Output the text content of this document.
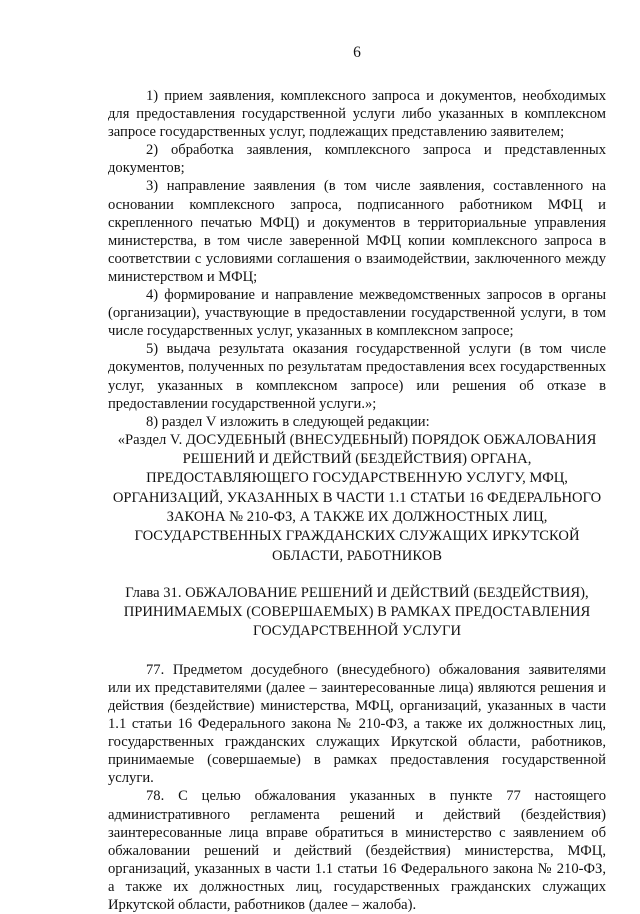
6

1) прием заявления, комплексного запроса и документов, необходимых для предоставления государственной услуги либо указанных в комплексном запросе государственных услуг, подлежащих представлению заявителем;

2) обработка заявления, комплексного запроса и представленных документов;

3) направление заявления (в том числе заявления, составленного на основании комплексного запроса, подписанного работником МФЦ и скрепленного печатью МФЦ) и документов в территориальные управления министерства, в том числе заверенной МФЦ копии комплексного запроса в соответствии с условиями соглашения о взаимодействии, заключенного между министерством и МФЦ;

4) формирование и направление межведомственных запросов в органы (организации), участвующие в предоставлении государственной услуги, в том числе государственных услуг, указанных в комплексном запросе;

5) выдача результата оказания государственной услуги (в том числе документов, полученных по результатам предоставления всех государственных услуг, указанных в комплексном запросе) или решения об отказе в предоставлении государственной услуги.»;

8) раздел V изложить в следующей редакции:

«Раздел V. ДОСУДЕБНЫЙ (ВНЕСУДЕБНЫЙ) ПОРЯДОК ОБЖАЛОВАНИЯ РЕШЕНИЙ И ДЕЙСТВИЙ (БЕЗДЕЙСТВИЯ) ОРГАНА, ПРЕДОСТАВЛЯЮЩЕГО ГОСУДАРСТВЕННУЮ УСЛУГУ, МФЦ, ОРГАНИЗАЦИЙ, УКАЗАННЫХ В ЧАСТИ 1.1 СТАТЬИ 16 ФЕДЕРАЛЬНОГО ЗАКОНА № 210-ФЗ, А ТАКЖЕ ИХ ДОЛЖНОСТНЫХ ЛИЦ, ГОСУДАРСТВЕННЫХ ГРАЖДАНСКИХ СЛУЖАЩИХ ИРКУТСКОЙ ОБЛАСТИ, РАБОТНИКОВ

Глава 31. ОБЖАЛОВАНИЕ РЕШЕНИЙ И ДЕЙСТВИЙ (БЕЗДЕЙСТВИЯ), ПРИНИМАЕМЫХ (СОВЕРШАЕМЫХ) В РАМКАХ ПРЕДОСТАВЛЕНИЯ ГОСУДАРСТВЕННОЙ УСЛУГИ

77. Предметом досудебного (внесудебного) обжалования заявителями или их представителями (далее – заинтересованные лица) являются решения и действия (бездействие) министерства, МФЦ, организаций, указанных в части 1.1 статьи 16 Федерального закона № 210-ФЗ, а также их должностных лиц, государственных гражданских служащих Иркутской области, работников, принимаемые (совершаемые) в рамках предоставления государственной услуги.

78. С целью обжалования указанных в пункте 77 настоящего административного регламента решений и действий (бездействия) заинтересованные лица вправе обратиться в министерство с заявлением об обжаловании решений и действий (бездействия) министерства, МФЦ, организаций, указанных в части 1.1 статьи 16 Федерального закона № 210-ФЗ, а также их должностных лиц, государственных гражданских служащих Иркутской области, работников (далее – жалоба).
